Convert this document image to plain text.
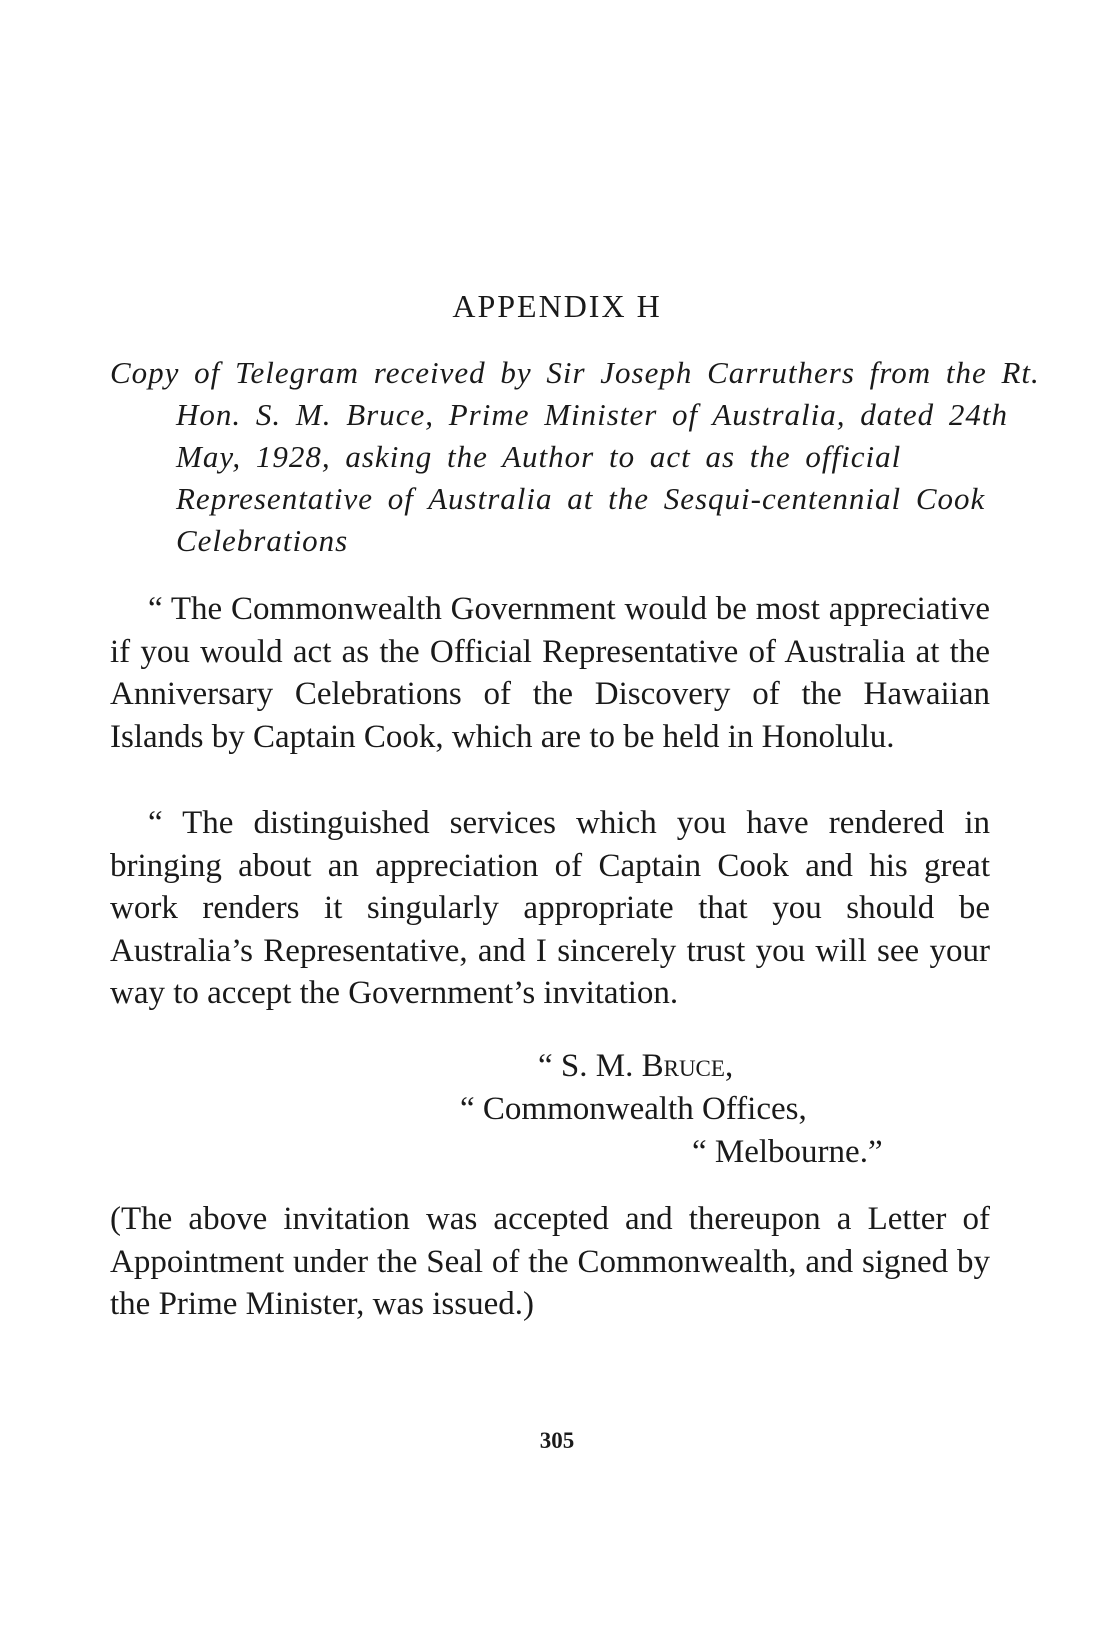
APPENDIX H

Copy of Telegram received by Sir Joseph Carruthers from the Rt. Hon. S. M. Bruce, Prime Minister of Australia, dated 24th May, 1928, asking the Author to act as the official Representative of Australia at the Sesqui-centennial Cook Celebrations

“ The Commonwealth Government would be most appreciative if you would act as the Official Representative of Australia at the Anniversary Celebrations of the Discovery of the Hawaiian Islands by Captain Cook, which are to be held in Honolulu.

“ The distinguished services which you have rendered in bringing about an appreciation of Captain Cook and his great work renders it singularly appropriate that you should be Australia’s Representative, and I sincerely trust you will see your way to accept the Government’s invitation.

“ S. M. Bruce,

“ Commonwealth Offices,

“ Melbourne.”

(The above invitation was accepted and thereupon a Letter of Appointment under the Seal of the Commonwealth, and signed by the Prime Minister, was issued.)

305
